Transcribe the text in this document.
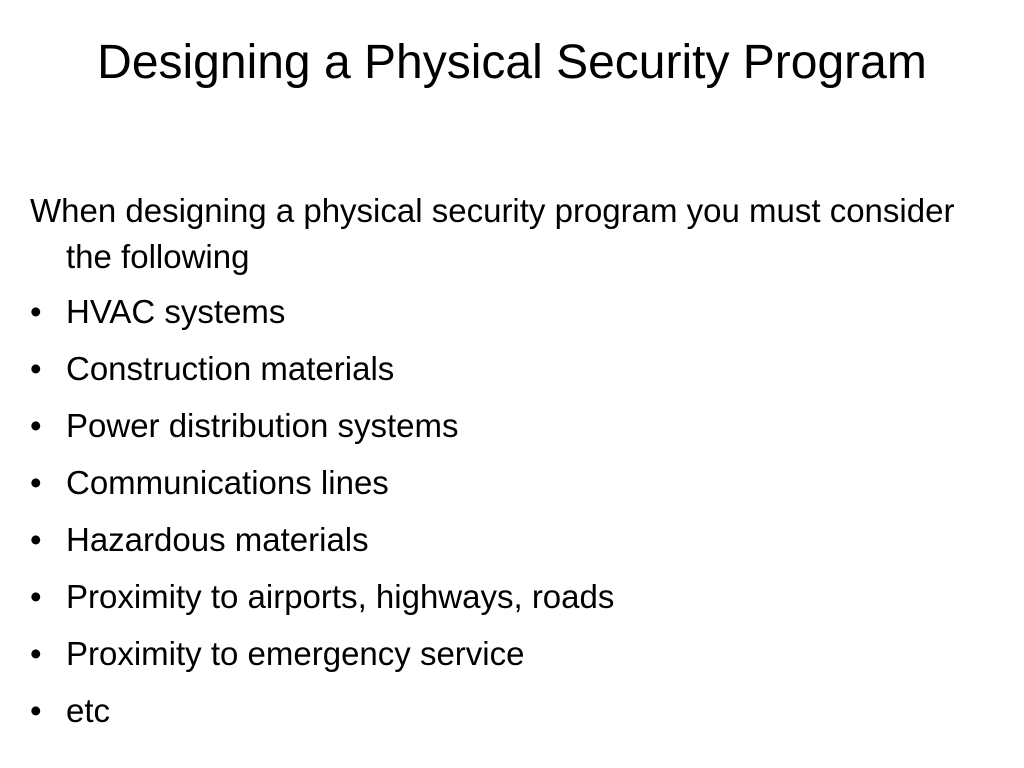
Designing a Physical Security Program

When designing a physical security program you must consider the following

• HVAC systems
• Construction materials
• Power distribution systems
• Communications lines
• Hazardous materials
• Proximity to airports, highways, roads
• Proximity to emergency service
• etc
